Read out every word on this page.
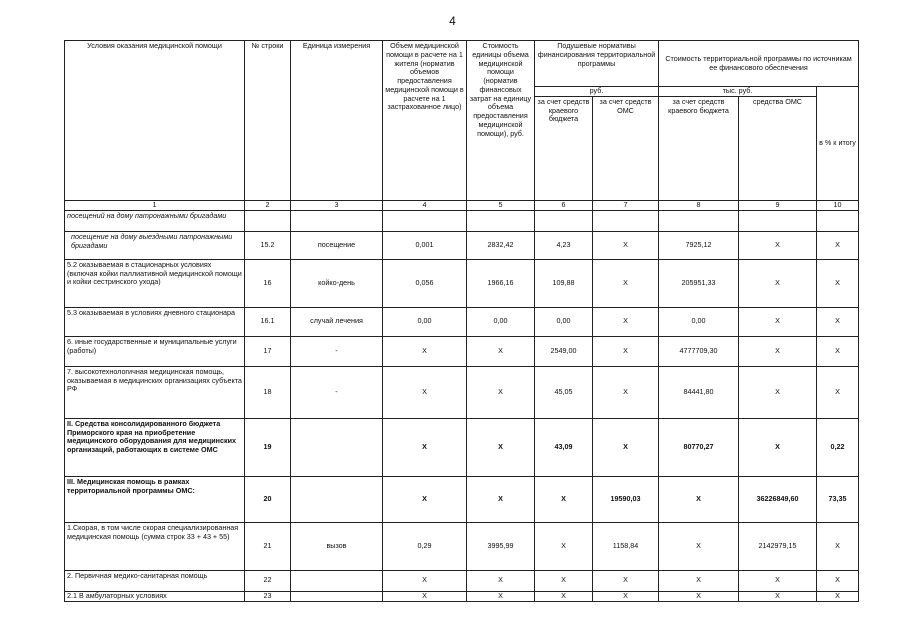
4
Условия оказания медицинской помощи	№ строки	Единица измерения	Объем медицинской помощи в расчете на 1 жителя (норматив объемов предоставления медицинской помощи в расчете на 1 застрахованное лицо)	Стоимость единицы объема медицинской помощи (норматив финансовых затрат на единицу объема предоставления медицинской помощи), руб.	Подушевые нормативы финансирования территориальной программы		Стоимость территориальной программы по источникам ее финансового обеспечения		
					руб.		тыс. руб.		в % к итогу
					за счет средств краевого бюджета	за счет средств ОМС	за счет средств краевого бюджета	средства ОМС	
1	2	3	4	5	6	7	8	9	10
посещений на дому патронажными бригадами									
посещение на дому выездными патронажными бригадами	15.2	посещение	0,001	2832,42	4,23	X	7925,12	X	X
5.2 оказываемая в стационарных условиях (включая койки паллиативной медицинской помощи и койки сестринского ухода)	16	койко-день	0,056	1966,16	109,88	X	205951,33	X	X
5.3 оказываемая в условиях дневного стационара	16.1	случай лечения	0,00	0,00	0,00	X	0,00	X	X
6. иные государственные и муниципальные услуги (работы)	17	-	X	X	2549,00	X	4777709,30	X	X
7. высокотехнологичная медицинская помощь, оказываемая в медицинских организациях субъекта РФ	18	-	X	X	45,05	X	84441,80	X	X
II. Средства консолидированного бюджета Приморского края на приобретение медицинского оборудования для медицинских организаций, работающих в системе ОМС	19		X	X	43,09	X	80770,27	X	0,22
III. Медицинская помощь в рамках территориальной программы ОМС:	20		X	X	X	19590,03	X	36226849,60	73,35
1.Скорая, в том числе скорая специализированная медицинская помощь (сумма строк 33 + 43 + 55)	21	вызов	0,29	3995,99	X	1158,84	X	2142979,15	X
2. Первичная медико-санитарная помощь	22		X	X	X	X	X	X	X
2.1 В амбулаторных условиях	23		X	X	X	X	X	X	X
